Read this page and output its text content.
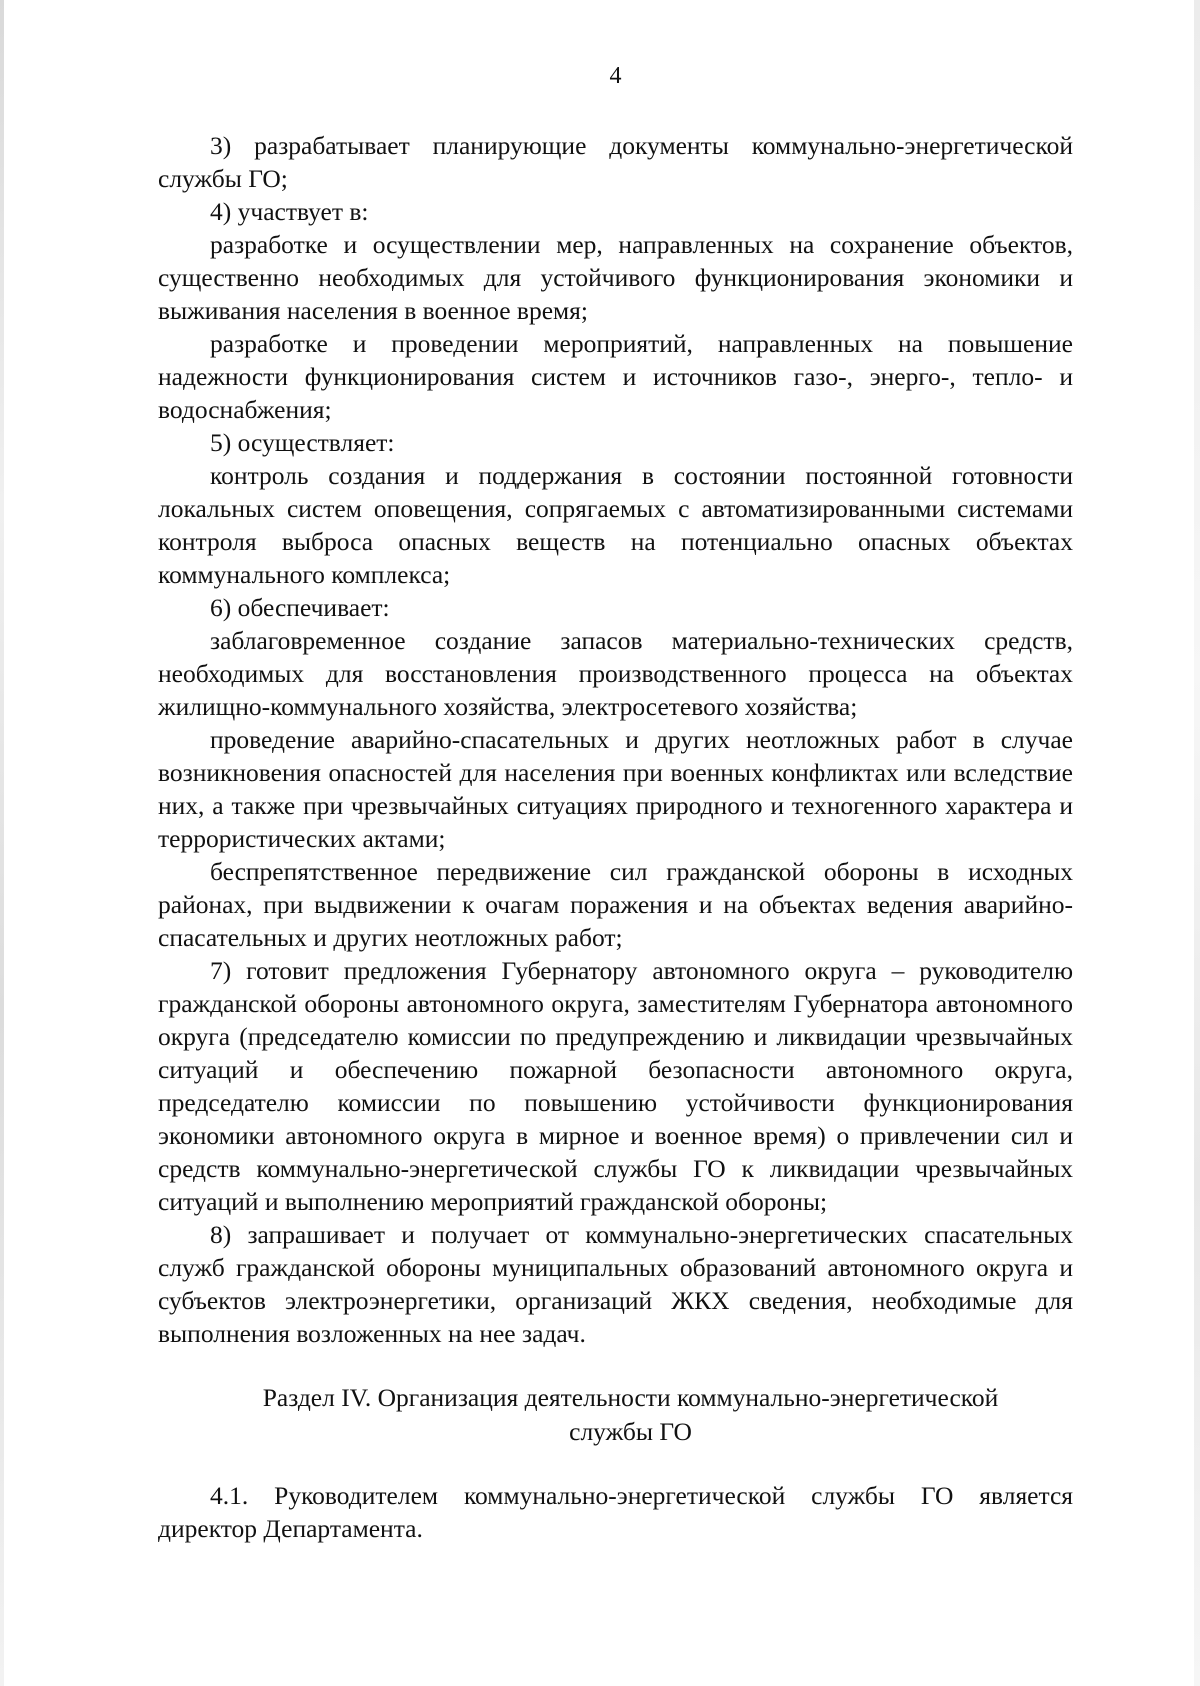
4

3) разрабатывает планирующие документы коммунально-энергетической службы ГО;

4) участвует в:

разработке и осуществлении мер, направленных на сохранение объектов, существенно необходимых для устойчивого функционирования экономики и выживания населения в военное время;

разработке и проведении мероприятий, направленных на повышение надежности функционирования систем и источников газо-, энерго-, тепло- и водоснабжения;

5) осуществляет:

контроль создания и поддержания в состоянии постоянной готовности локальных систем оповещения, сопрягаемых с автоматизированными системами контроля выброса опасных веществ на потенциально опасных объектах коммунального комплекса;

6) обеспечивает:

заблаговременное создание запасов материально-технических средств, необходимых для восстановления производственного процесса на объектах жилищно-коммунального хозяйства, электросетевого хозяйства;

проведение аварийно-спасательных и других неотложных работ в случае возникновения опасностей для населения при военных конфликтах или вследствие них, а также при чрезвычайных ситуациях природного и техногенного характера и террористических актами;

беспрепятственное передвижение сил гражданской обороны в исходных районах, при выдвижении к очагам поражения и на объектах ведения аварийно-спасательных и других неотложных работ;

7) готовит предложения Губернатору автономного округа – руководителю гражданской обороны автономного округа, заместителям Губернатора автономного округа (председателю комиссии по предупреждению и ликвидации чрезвычайных ситуаций и обеспечению пожарной безопасности автономного округа, председателю комиссии по повышению устойчивости функционирования экономики автономного округа в мирное и военное время) о привлечении сил и средств коммунально-энергетической службы ГО к ликвидации чрезвычайных ситуаций и выполнению мероприятий гражданской обороны;

8) запрашивает и получает от коммунально-энергетических спасательных служб гражданской обороны муниципальных образований автономного округа и субъектов электроэнергетики, организаций ЖКХ сведения, необходимые для выполнения возложенных на нее задач.

Раздел IV. Организация деятельности коммунально-энергетической
службы ГО

4.1. Руководителем коммунально-энергетической службы ГО является директор Департамента.
